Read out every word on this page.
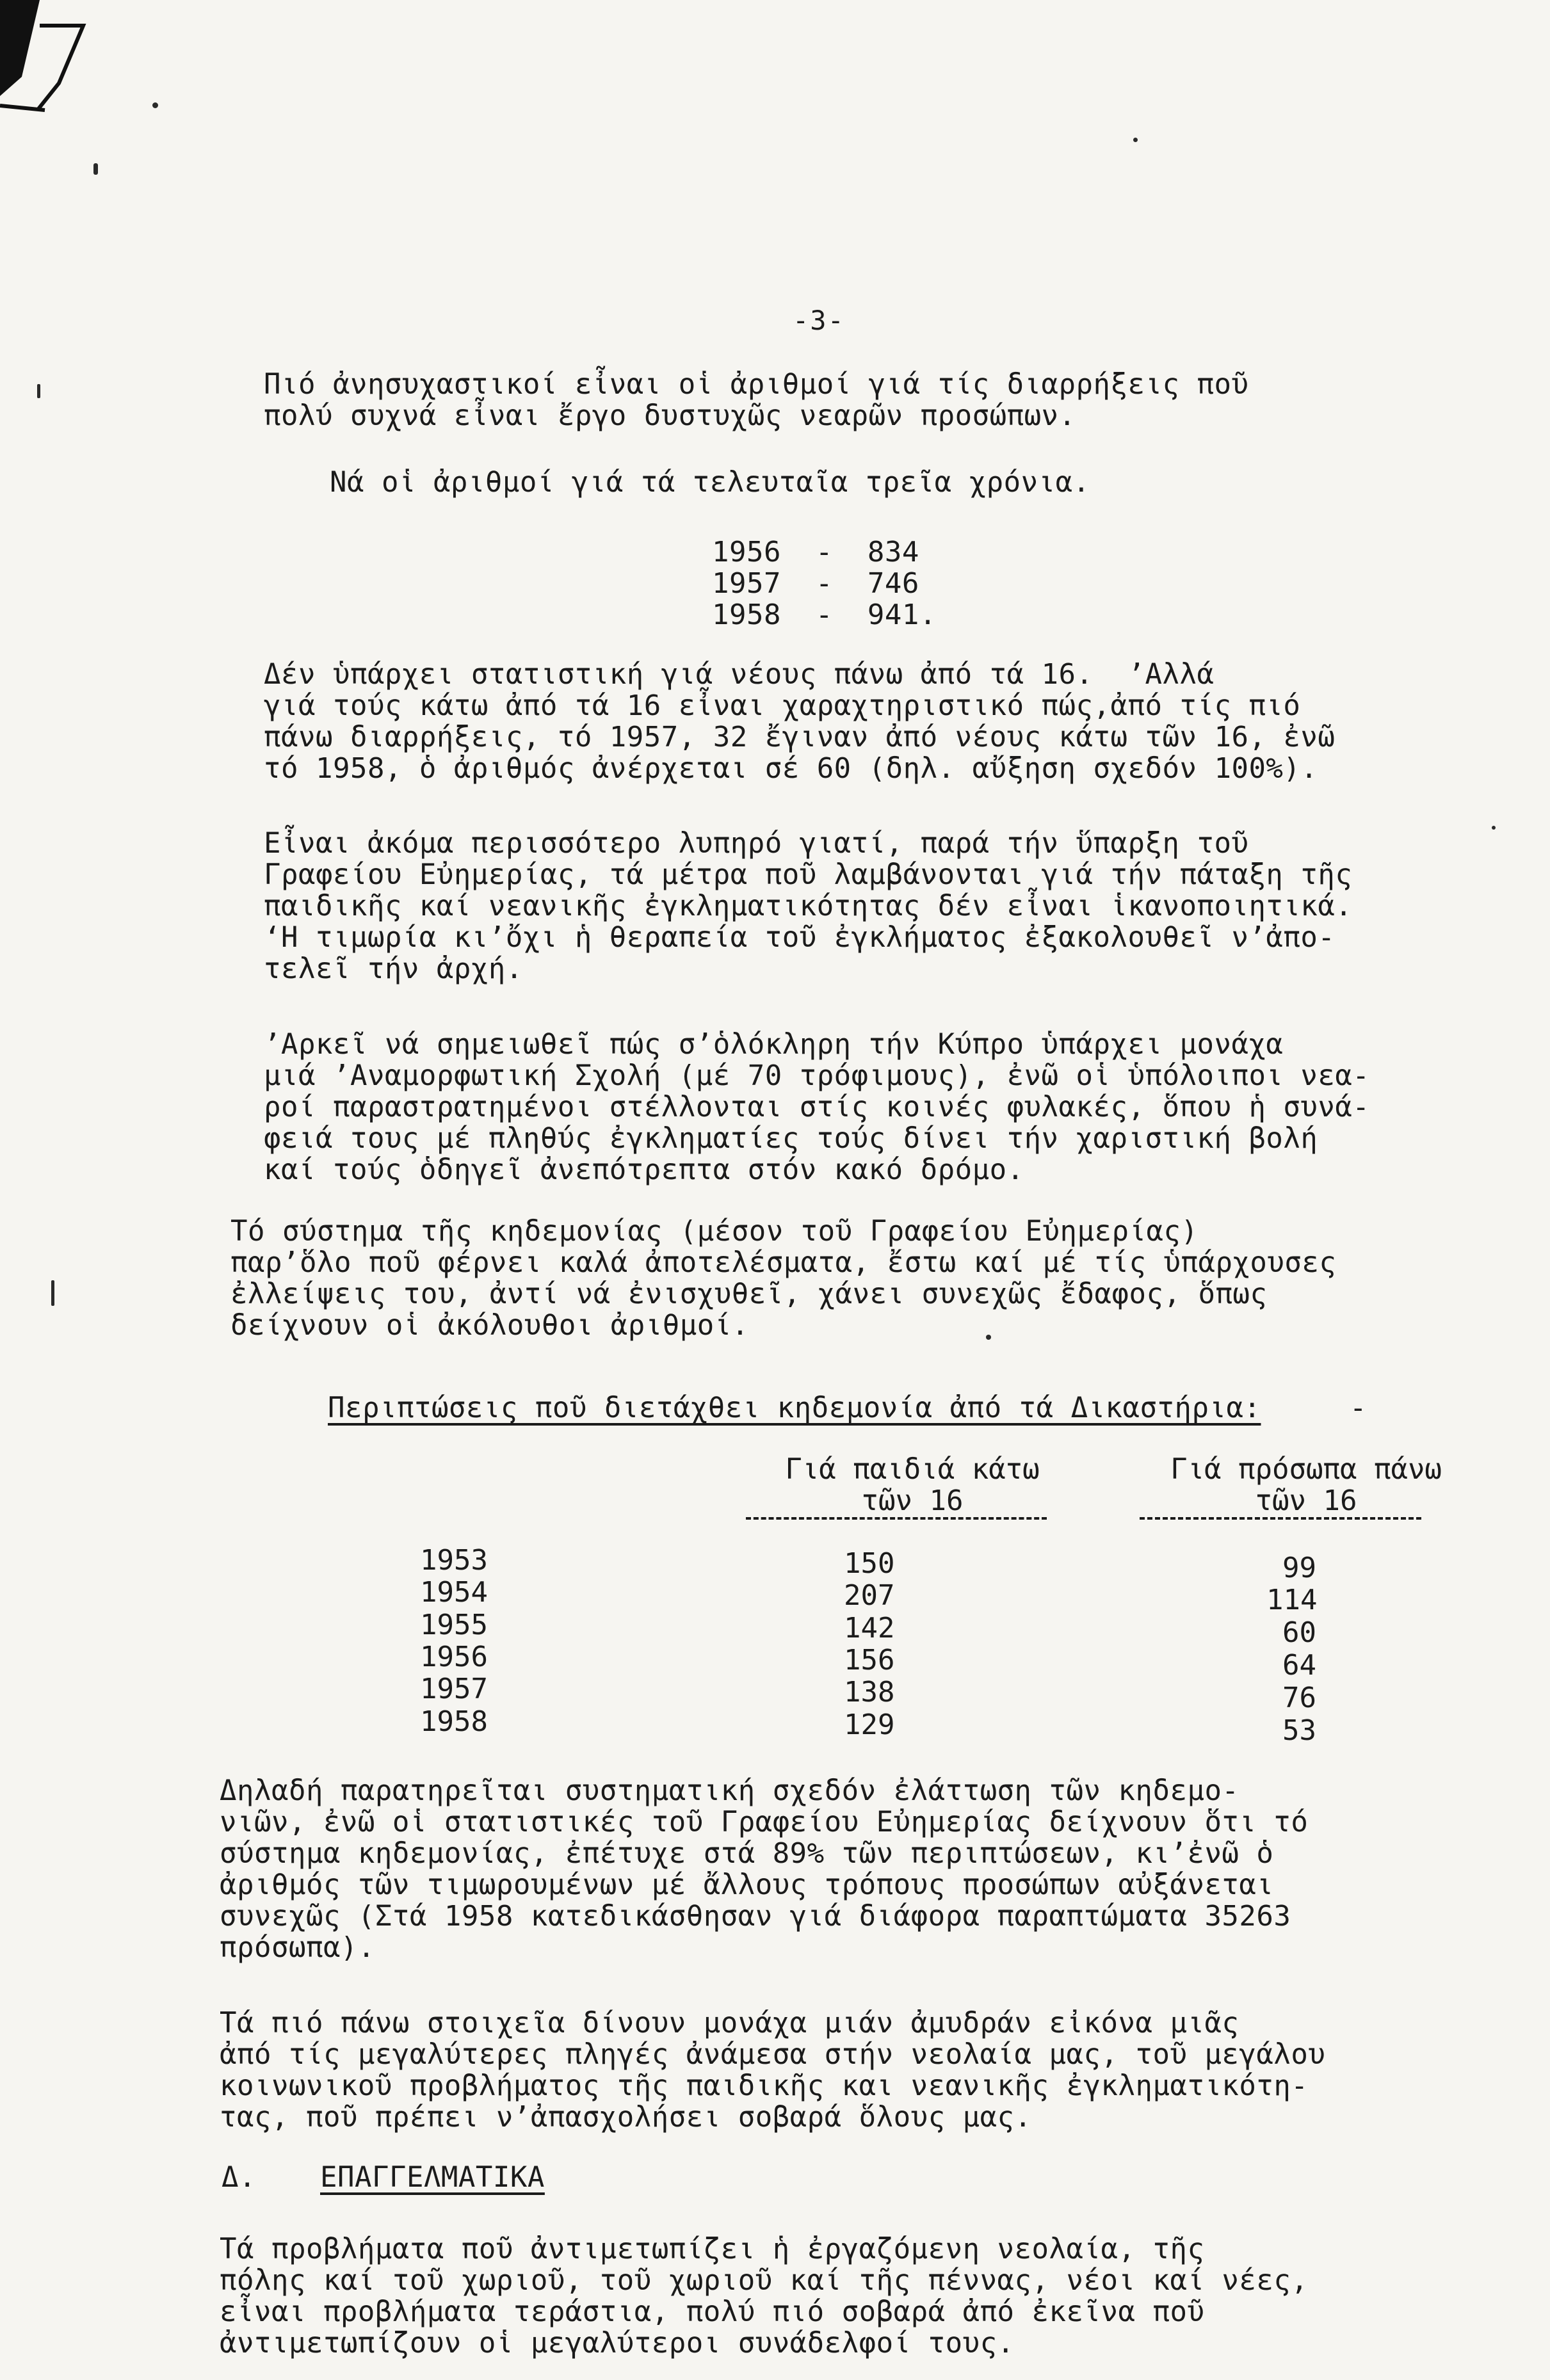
-3-
Πιό ἀνησυχαστικοί εἶναι οἱ ἀριθμοί γιά τίς διαρρήξεις ποῦ
πολύ συχνά εἶναι ἔργο δυστυχῶς νεαρῶν προσώπων.
Νά οἱ ἀριθμοί γιά τά τελευταῖα τρεῖα χρόνια.
1956  -  834
1957  -  746
1958  -  941.
Δέν ὑπάρχει στατιστική γιά νέους πάνω ἀπό τά 16.  ’Αλλά
γιά τούς κάτω ἀπό τά 16 εἶναι χαραχτηριστικό πώς,ἀπό τίς πιό
πάνω διαρρήξεις, τό 1957, 32 ἔγιναν ἀπό νέους κάτω τῶν 16, ἐνῶ
τό 1958, ὁ ἀριθμός ἀνέρχεται σέ 60 (δηλ. αὔξηση σχεδόν 100%).
Εἶναι ἀκόμα περισσότερο λυπηρό γιατί, παρά τήν ὕπαρξη τοῦ
Γραφείου Εὐημερίας, τά μέτρα ποῦ λαμβάνονται γιά τήν πάταξη τῆς
παιδικῆς καί νεανικῆς ἐγκληματικότητας δέν εἶναι ἱκανοποιητικά.
‘Η τιμωρία κι’ὄχι ἡ θεραπεία τοῦ ἐγκλήματος ἐξακολουθεῖ ν’ἀπο-
τελεῖ τήν ἀρχή.
’Αρκεῖ νά σημειωθεῖ πώς σ’ὁλόκληρη τήν Κύπρο ὑπάρχει μονάχα
μιά ’Αναμορφωτική Σχολή (μέ 70 τρόφιμους), ἐνῶ οἱ ὑπόλοιποι νεα-
ροί παραστρατημένοι στέλλονται στίς κοινές φυλακές, ὅπου ἡ συνά-
φειά τους μέ πληθύς ἐγκληματίες τούς δίνει τήν χαριστική βολή
καί τούς ὁδηγεῖ ἀνεπότρεπτα στόν κακό δρόμο.
Τό σύστημα τῆς κηδεμονίας (μέσον τοῦ Γραφείου Εὐημερίας)
παρ’ὅλο ποῦ φέρνει καλά ἀποτελέσματα, ἔστω καί μέ τίς ὑπάρχουσες
ἐλλείψεις του, ἀντί νά ἐνισχυθεῖ, χάνει συνεχῶς ἔδαφος, ὅπως
δείχνουν οἱ ἀκόλουθοι ἀριθμοί.
Περιπτώσεις ποῦ διετάχθει κηδεμονία ἀπό τά Δικαστήρια:	-
Γιά παιδιά κάτω
τῶν 16
Γιά πρόσωπα πάνω
τῶν 16
1953
1954
1955
1956
1957
1958
150
207
142
156
138
129
99
114
60
64
76
53
Δηλαδή παρατηρεῖται συστηματική σχεδόν ἐλάττωση τῶν κηδεμο-
νιῶν, ἐνῶ οἱ στατιστικές τοῦ Γραφείου Εὐημερίας δείχνουν ὅτι τό
σύστημα κηδεμονίας, ἐπέτυχε στά 89% τῶν περιπτώσεων, κι’ἐνῶ ὁ
ἀριθμός τῶν τιμωρουμένων μέ ἄλλους τρόπους προσώπων αὐξάνεται
συνεχῶς (Στά 1958 κατεδικάσθησαν γιά διάφορα παραπτώματα 35263
πρόσωπα).
Τά πιό πάνω στοιχεῖα δίνουν μονάχα μιάν ἀμυδράν εἰκόνα μιᾶς
ἀπό τίς μεγαλύτερες πληγές ἀνάμεσα στήν νεολαία μας, τοῦ μεγάλου
κοινωνικοῦ προβλήματος τῆς παιδικῆς και νεανικῆς ἐγκληματικότη-
τας, ποῦ πρέπει ν’ἀπασχολήσει σοβαρά ὅλους μας.
Δ. ΕΠΑΓΓΕΛΜΑΤΙΚΑ
Τά προβλήματα ποῦ ἀντιμετωπίζει ἡ ἐργαζόμενη νεολαία, τῆς
πόλης καί τοῦ χωριοῦ, τοῦ χωριοῦ καί τῆς πέννας, νέοι καί νέες,
εἶναι προβλήματα τεράστια, πολύ πιό σοβαρά ἀπό ἐκεῖνα ποῦ
ἀντιμετωπίζουν οἱ μεγαλύτεροι συνάδελφοί τους.
